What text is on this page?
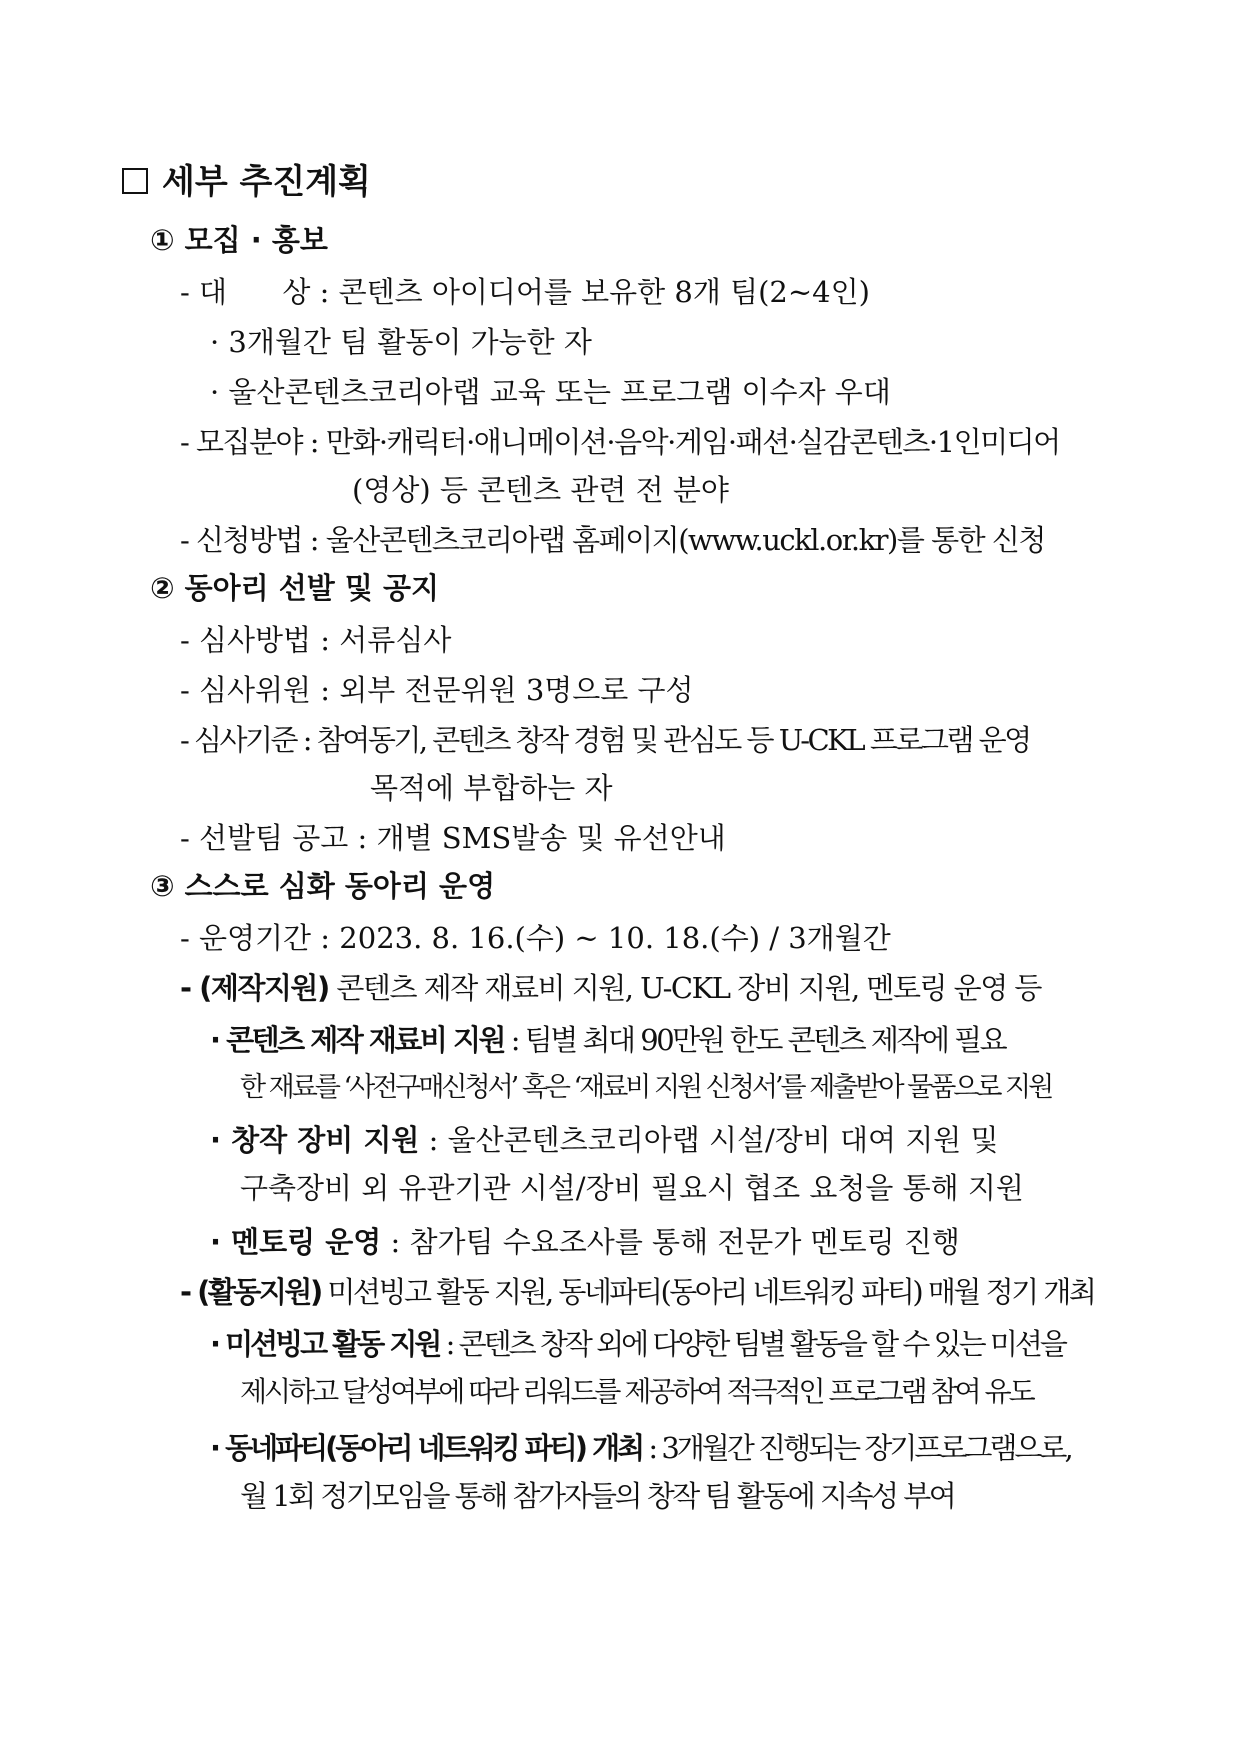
세부 추진계획
① 모집 · 홍보
- 대      상 : 콘텐츠 아이디어를 보유한 8개 팀(2~4인)
· 3개월간 팀 활동이 가능한 자
· 울산콘텐츠코리아랩 교육 또는 프로그램 이수자 우대
- 모집분야 : 만화·캐릭터·애니메이션·음악·게임·패션·실감콘텐츠·1인미디어
(영상) 등 콘텐츠 관련 전 분야
- 신청방법 : 울산콘텐츠코리아랩 홈페이지(www.uckl.or.kr)를 통한 신청
② 동아리 선발 및 공지
- 심사방법 : 서류심사
- 심사위원 : 외부 전문위원 3명으로 구성
- 심사기준 : 참여동기, 콘텐츠 창작 경험 및 관심도 등 U-CKL 프로그램 운영
목적에 부합하는 자
- 선발팀 공고 : 개별 SMS발송 및 유선안내
③ 스스로 심화 동아리 운영
- 운영기간 : 2023. 8. 16.(수) ~ 10. 18.(수) / 3개월간
- (제작지원) 콘텐츠 제작 재료비 지원, U-CKL 장비 지원, 멘토링 운영 등
· 콘텐츠 제작 재료비 지원 : 팀별 최대 90만원 한도 콘텐츠 제작에 필요
한 재료를 ‘사전구매신청서’ 혹은 ‘재료비 지원 신청서’를 제출받아 물품으로 지원
· 창작 장비 지원 : 울산콘텐츠코리아랩 시설/장비 대여 지원 및
구축장비 외 유관기관 시설/장비 필요시 협조 요청을 통해 지원
· 멘토링 운영 : 참가팀 수요조사를 통해 전문가 멘토링 진행
- (활동지원) 미션빙고 활동 지원, 동네파티(동아리 네트워킹 파티) 매월 정기 개최
· 미션빙고 활동 지원 : 콘텐츠 창작 외에 다양한 팀별 활동을 할 수 있는 미션을
제시하고 달성여부에 따라 리워드를 제공하여 적극적인 프로그램 참여 유도
· 동네파티(동아리 네트워킹 파티) 개최 : 3개월간 진행되는 장기프로그램으로,
월 1회 정기모임을 통해 참가자들의 창작 팀 활동에 지속성 부여
